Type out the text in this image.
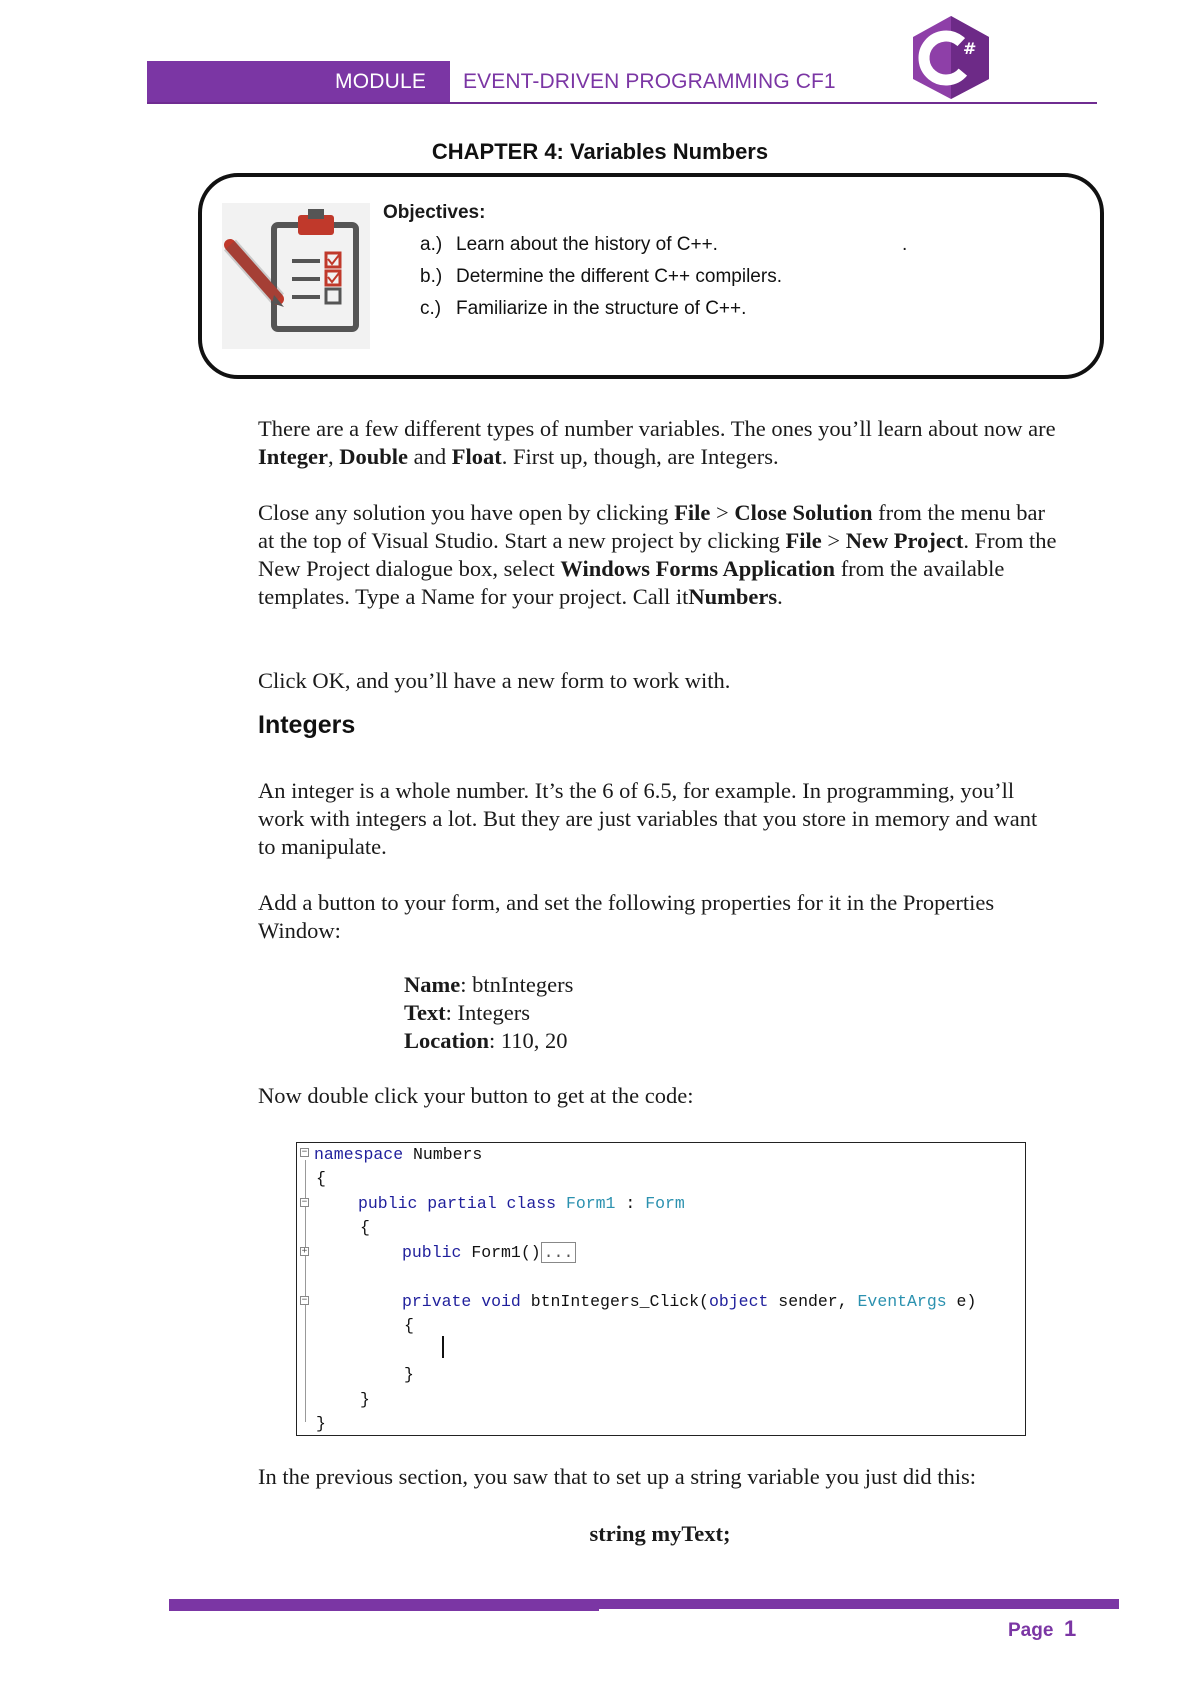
MODULE EVENT-DRIVEN PROGRAMMING CF1
#
CHAPTER 4: Variables Numbers
Objectives:
a.) Learn about the history of C++.
b.) Determine the different C++ compilers.
c.) Familiarize in the structure of C++.
.
There are a few different types of number variables. The ones you’ll learn about now are Integer, Double and Float. First up, though, are Integers.
Close any solution you have open by clicking File > Close Solution from the menu bar at the top of Visual Studio. Start a new project by clicking File > New Project. From the New Project dialogue box, select Windows Forms Application from the available templates. Type a Name for your project. Call itNumbers.
Click OK, and you’ll have a new form to work with.
Integers
An integer is a whole number. It’s the 6 of 6.5, for example. In programming, you’ll work with integers a lot. But they are just variables that you store in memory and want to manipulate.
Add a button to your form, and set the following properties for it in the Properties Window:
Name: btnIntegers
Text: Integers
Location: 110, 20
Now double click your button to get at the code:
−
−
+
−
namespace Numbers
{
public partial class Form1 : Form
{
public Form1() ...
private void btnIntegers_Click(object sender, EventArgs e)
{
}
}
}
In the previous section, you saw that to set up a string variable you just did this:
string myText;
Page 1
